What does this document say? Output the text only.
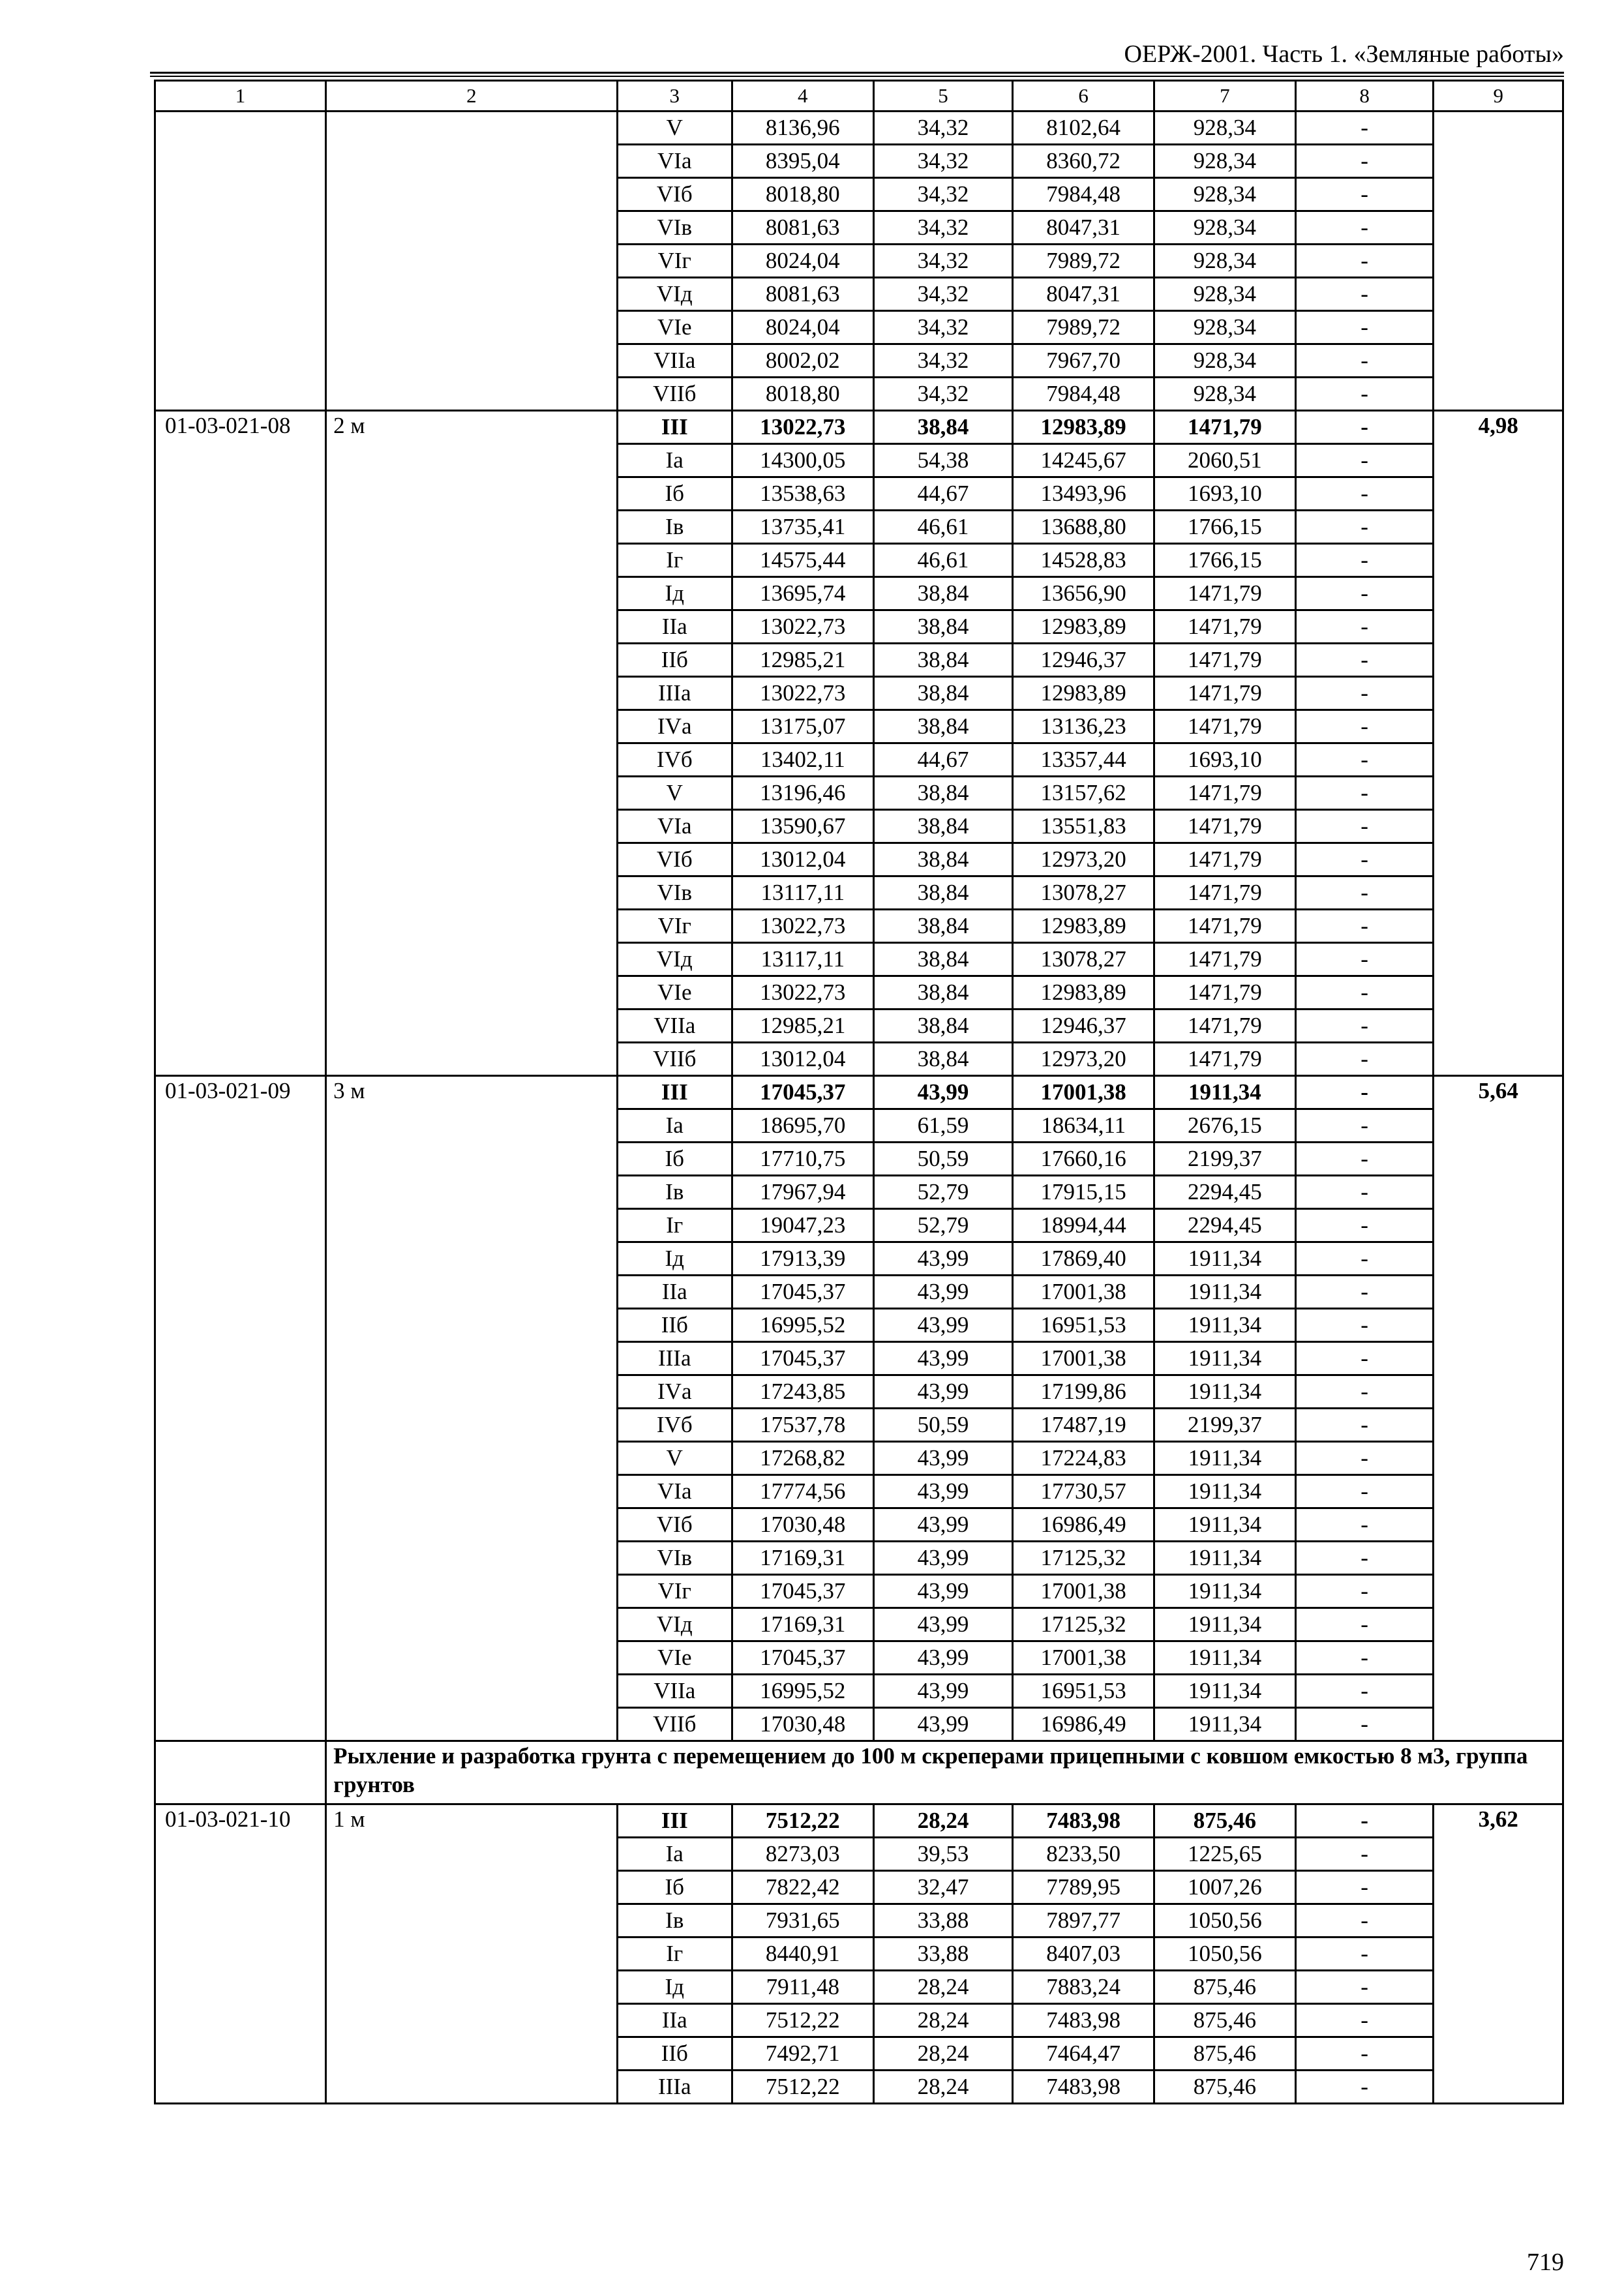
ОЕРЖ-2001. Часть 1. «Земляные работы»
1	2	3	4	5	6	7	8	9
		V	8136,96	34,32	8102,64	928,34	-	
		VIа	8395,04	34,32	8360,72	928,34	-	
		VIб	8018,80	34,32	7984,48	928,34	-	
		VIв	8081,63	34,32	8047,31	928,34	-	
		VIг	8024,04	34,32	7989,72	928,34	-	
		VIд	8081,63	34,32	8047,31	928,34	-	
		VIе	8024,04	34,32	7989,72	928,34	-	
		VIIа	8002,02	34,32	7967,70	928,34	-	
		VIIб	8018,80	34,32	7984,48	928,34	-	
01-03-021-08	2 м	III	13022,73	38,84	12983,89	1471,79	-	4,98
		Iа	14300,05	54,38	14245,67	2060,51	-	
		Iб	13538,63	44,67	13493,96	1693,10	-	
		Iв	13735,41	46,61	13688,80	1766,15	-	
		Iг	14575,44	46,61	14528,83	1766,15	-	
		Iд	13695,74	38,84	13656,90	1471,79	-	
		IIа	13022,73	38,84	12983,89	1471,79	-	
		IIб	12985,21	38,84	12946,37	1471,79	-	
		IIIа	13022,73	38,84	12983,89	1471,79	-	
		IVа	13175,07	38,84	13136,23	1471,79	-	
		IVб	13402,11	44,67	13357,44	1693,10	-	
		V	13196,46	38,84	13157,62	1471,79	-	
		VIа	13590,67	38,84	13551,83	1471,79	-	
		VIб	13012,04	38,84	12973,20	1471,79	-	
		VIв	13117,11	38,84	13078,27	1471,79	-	
		VIг	13022,73	38,84	12983,89	1471,79	-	
		VIд	13117,11	38,84	13078,27	1471,79	-	
		VIе	13022,73	38,84	12983,89	1471,79	-	
		VIIа	12985,21	38,84	12946,37	1471,79	-	
		VIIб	13012,04	38,84	12973,20	1471,79	-	
01-03-021-09	3 м	III	17045,37	43,99	17001,38	1911,34	-	5,64
		Iа	18695,70	61,59	18634,11	2676,15	-	
		Iб	17710,75	50,59	17660,16	2199,37	-	
		Iв	17967,94	52,79	17915,15	2294,45	-	
		Iг	19047,23	52,79	18994,44	2294,45	-	
		Iд	17913,39	43,99	17869,40	1911,34	-	
		IIа	17045,37	43,99	17001,38	1911,34	-	
		IIб	16995,52	43,99	16951,53	1911,34	-	
		IIIа	17045,37	43,99	17001,38	1911,34	-	
		IVа	17243,85	43,99	17199,86	1911,34	-	
		IVб	17537,78	50,59	17487,19	2199,37	-	
		V	17268,82	43,99	17224,83	1911,34	-	
		VIа	17774,56	43,99	17730,57	1911,34	-	
		VIб	17030,48	43,99	16986,49	1911,34	-	
		VIв	17169,31	43,99	17125,32	1911,34	-	
		VIг	17045,37	43,99	17001,38	1911,34	-	
		VIд	17169,31	43,99	17125,32	1911,34	-	
		VIе	17045,37	43,99	17001,38	1911,34	-	
		VIIа	16995,52	43,99	16951,53	1911,34	-	
		VIIб	17030,48	43,99	16986,49	1911,34	-	
	Рыхление и разработка грунта с перемещением до 100 м скреперами прицепными с ковшом емкостью 8 м3, группа грунтов							
01-03-021-10	1 м	III	7512,22	28,24	7483,98	875,46	-	3,62
		Iа	8273,03	39,53	8233,50	1225,65	-	
		Iб	7822,42	32,47	7789,95	1007,26	-	
		Iв	7931,65	33,88	7897,77	1050,56	-	
		Iг	8440,91	33,88	8407,03	1050,56	-	
		Iд	7911,48	28,24	7883,24	875,46	-	
		IIа	7512,22	28,24	7483,98	875,46	-	
		IIб	7492,71	28,24	7464,47	875,46	-	
		IIIа	7512,22	28,24	7483,98	875,46	-	
719
